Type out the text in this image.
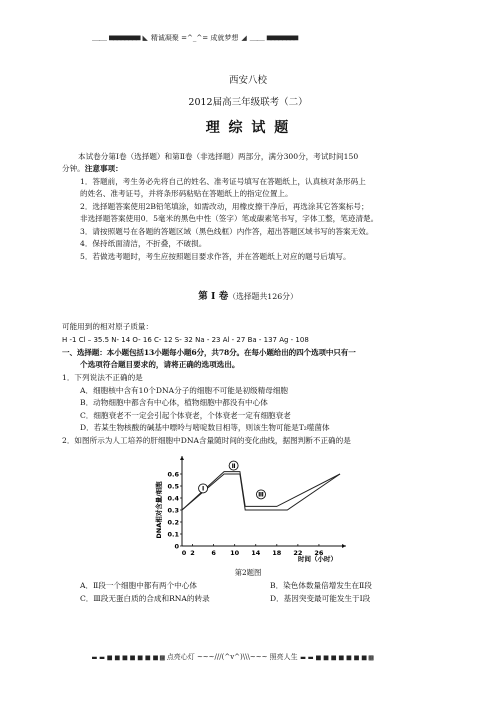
＿＿ ■■■■■■■■ ◣ 精诚凝聚 =^_^= 成就梦想 ◢ ＿＿ ■■■■■■■■
西安八校
2012届高三年级联考（二）
理 综 试 题
本试卷分第Ⅰ卷（选择题）和第Ⅱ卷（非选择题）两部分，满分300分，考试时间150
分钟。注意事项：
1．答题前，考生务必先将自己的姓名、准考证号填写在答题纸上，认真核对条形码上
的姓名、准考证号，并将条形码粘贴在答题纸上的指定位置上。
2．选择题答案使用2B铅笔填涂，如需改动，用橡皮擦干净后，再选涂其它答案标号；
非选择题答案使用0．5毫米的黑色中性（签字）笔或碳素笔书写，字体工整，笔迹清楚。
3．请按照题号在各题的答题区域（黑色线框）内作答，超出答题区域书写的答案无效。
4．保持纸面清洁，不折叠，不破损。
5．若做选考题时，考生应按照题目要求作答，并在答题纸上对应的题号后填写。
第 Ⅰ 卷（选择题共126分）
可能用到的相对原子质量：
H -1 Cl – 35.5 N- 14 O- 16 C- 12 S- 32 Na - 23 Al - 27 Ba - 137 Ag - 108
一、选择题：本小题包括13小题每小题6分，共78分。在每小题给出的四个选项中只有一
个选项符合题目要求的，请将正确的选项选出。
1．下列说法不正确的是
A．细胞核中含有10个DNA分子的细胞不可能是初级精母细胞
B．动物细胞中都含有中心体，植物细胞中都没有中心体
C．细胞衰老不一定会引起个体衰老，个体衰老一定有细胞衰老
D．若某生物核酸的碱基中嘌呤与嘧啶数目相等，则该生物可能是T₂噬菌体
2．如图所示为人工培养的肝细胞中DNA含量随时间的变化曲线，据图判断不正确的是
DNA相对含量/细胞
时间（小时）
0
0.1
0.2
0.3
0.4
0.5
0.6
2	6 10 14 18 22 26
0
Ⅰ
Ⅱ
Ⅲ
第2题图
A．Ⅱ段一个细胞中都有两个中心体	B．染色体数量倍增发生在Ⅱ段
C．Ⅲ段无蛋白质的合成和RNA的转录	D．基因突变最可能发生于Ⅰ段
▬ ▬ ■ ■ ■ ■ ■ ■ ■ ▩ 点亮心灯 ~~~///(^v^)\\\~~~ 照亮人生 ▬ ▬ ■ ■ ■ ■ ■ ■ ■ ▩
